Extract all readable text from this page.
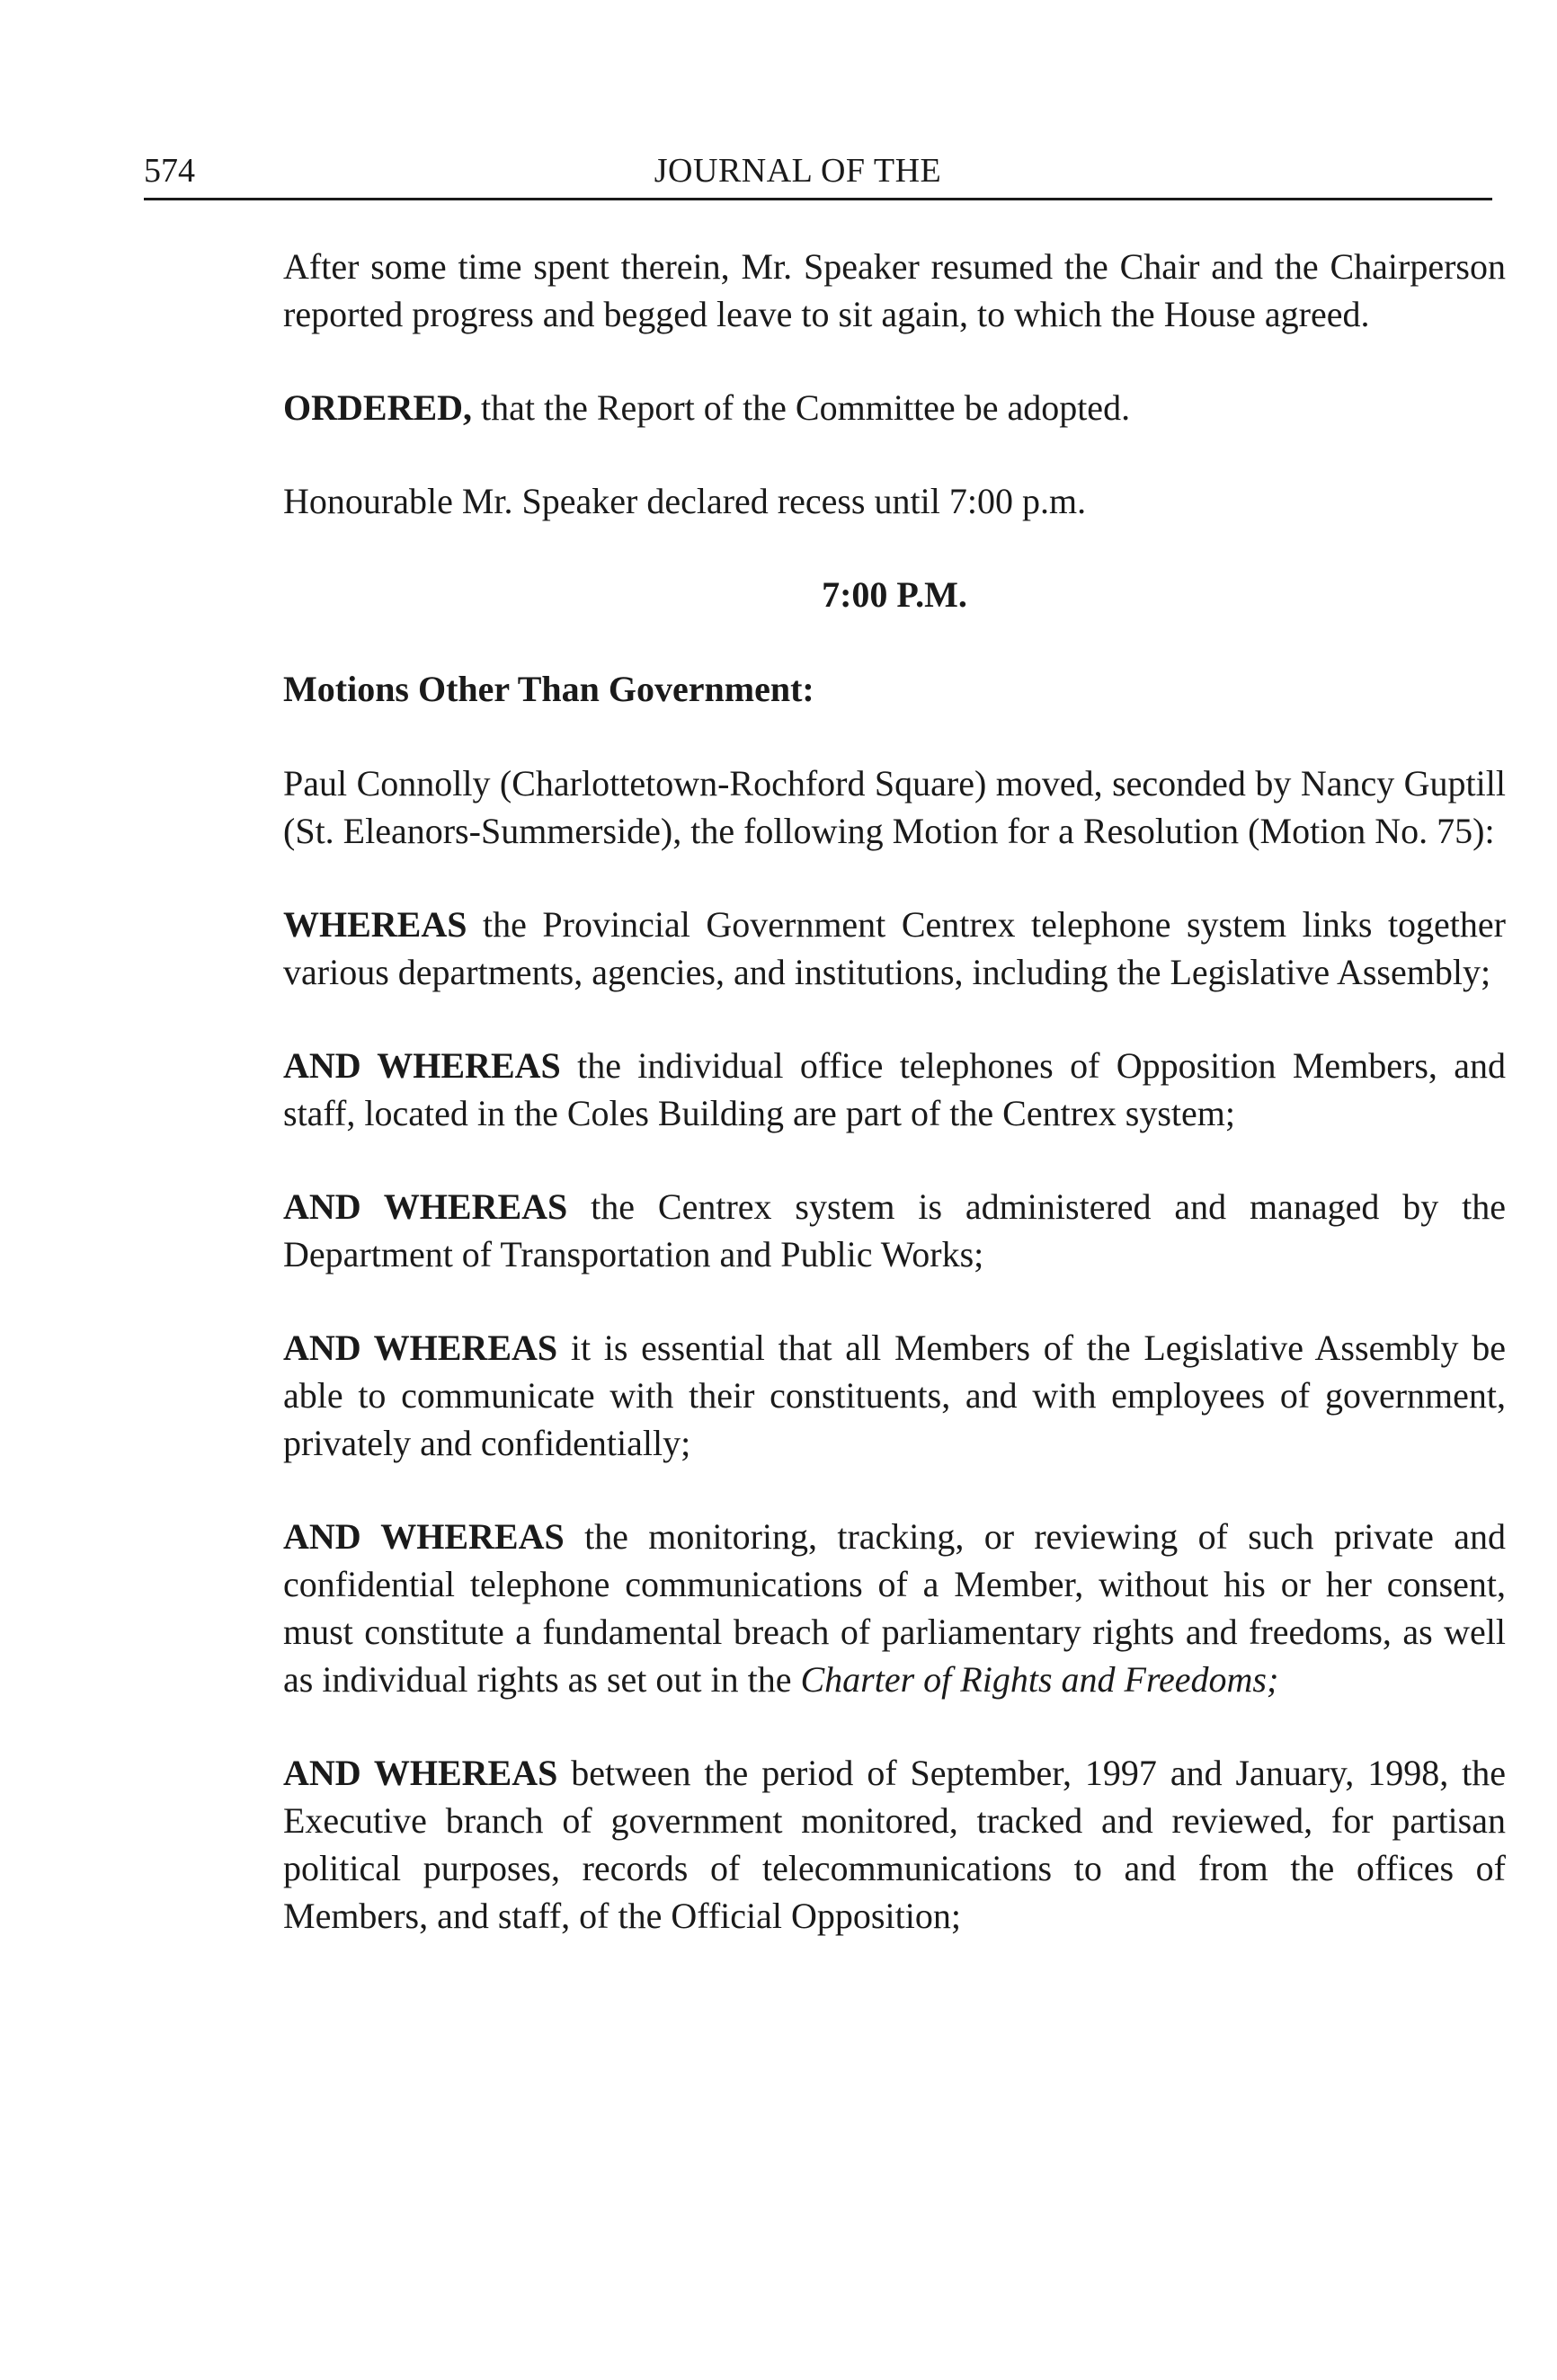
574	JOURNAL OF THE

After some time spent therein, Mr. Speaker resumed the Chair and the Chairperson reported progress and begged leave to sit again, to which the House agreed.

ORDERED, that the Report of the Committee be adopted.

Honourable Mr. Speaker declared recess until 7:00 p.m.

7:00 P.M.

Motions Other Than Government:

Paul Connolly (Charlottetown-Rochford Square) moved, seconded by Nancy Guptill (St. Eleanors-Summerside), the following Motion for a Resolution (Motion No. 75):

WHEREAS the Provincial Government Centrex telephone system links together various departments, agencies, and institutions, including the Legislative Assembly;

AND WHEREAS the individual office telephones of Opposition Members, and staff, located in the Coles Building are part of the Centrex system;

AND WHEREAS the Centrex system is administered and managed by the Department of Transportation and Public Works;

AND WHEREAS it is essential that all Members of the Legislative Assembly be able to communicate with their constituents, and with employees of government, privately and confidentially;

AND WHEREAS the monitoring, tracking, or reviewing of such private and confidential telephone communications of a Member, without his or her consent, must constitute a fundamental breach of parliamentary rights and freedoms, as well as individual rights as set out in the Charter of Rights and Freedoms;

AND WHEREAS between the period of September, 1997 and January, 1998, the Executive branch of government monitored, tracked and reviewed, for partisan political purposes, records of telecommunications to and from the offices of Members, and staff, of the Official Opposition;
